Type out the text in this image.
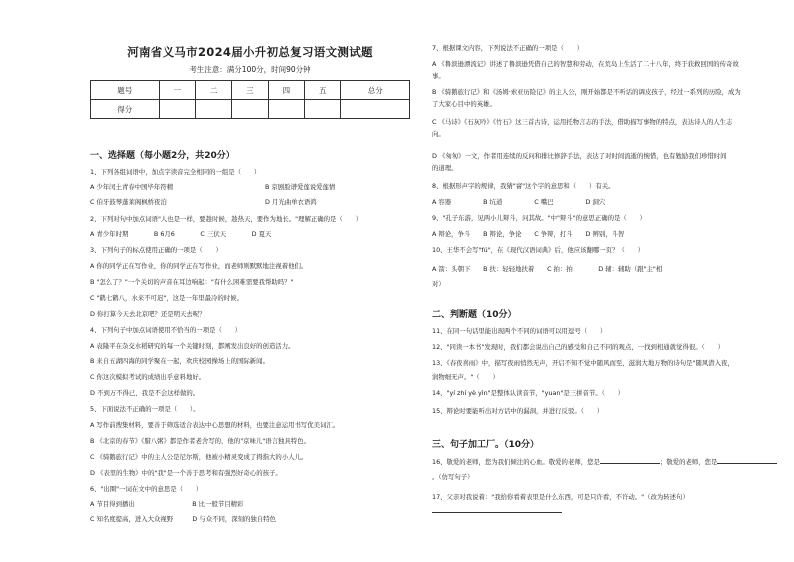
河南省义马市2024届小升初总复习语文测试题
考生注意：满分100分，时间90分钟
题号	一	二	三	四	五	总分
得分						
一、选择题（每小题2分，共20分）
1、下列各组词语中，加点字读音完全相同的一组是（　　）
A 少年闰土青春中国毕年符精	B 京剧脸谱爱莲说爱莲情
C 伯牙鼓琴蓬莱阁枫桥夜泊	D 月光曲单衣语鸿
2、下列对句中加点词语"人也是一样，要趁时候，趁热天，要作为地长。"理解正确的是（　　）
A 青少年时期　　　　B 6月6　　　　C 三伏天　　　　D 夏天
3、下列句子的标点使用正确的一项是（　　）
A 你的同学正在写作业，你的同学正在写作业，而老师则默默地注视着他们。
B "怎么了？"一个关切的声音在耳边响起："有什么困难需要我帮助吗？"
C "鹤七鹤八，水来不可迟"，这是一年里最冷的时候。
D 你打算今天去北京吧？还是明天去呢？
4、下列句子中加点词语使用不恰当的一项是（　　）
A 袁隆平在杂交水稻研究的每一个关键时刻，都阐发出良好的创造活力。
B 来自五湖四海的同学聚在一起，欢庆校园操场上的国际新闻。
C 你这次模拟考试的成绩出乎意料地好。
D 不到万不得已，我是不会这样做的。
5、下面说法不正确的一项是（　　）。
A 写作前搜集材料，要善于筛选适合表达中心思想的材料，也要注意运用书写优美词汇。
B 《北京的春节》《腊八粥》都是作者老舍写的，他的"京味儿"语言独具特色。
C 《骑鹅旅行记》中的主人公是尼尔斯，他被小精灵变成了拇指大的小人儿。
D 《表里的生物》中的"我"是一个善于思考和有强烈好奇心的孩子。
6、"出圈"一词在文中的意思是（　　）
A 节目得到播出　　　　　　　　　B 比一般节目精彩
C 知名度提高，进入大众视野　　　D 与众不同，深刻的独自特色
7、根据课文内容，下列说法不正确的一项是（　　）
A 《鲁滨逊漂流记》讲述了鲁滨逊凭借自己的智慧和劳动，在荒岛上生活了二十八年，终于获救回国的传奇故
事。
B 《骑鹅旅行记》和《汤姆·索亚历险记》的主人公，刚开始都是不听话的调皮孩子，经过一系列的历险，成为
了大家心目中的英雄。
C 《马诗》《石灰吟》《竹石》这三首古诗，运用托物言志的手法，借助描写事物的特点，表达诗人的人生志
向。
D 《匆匆》一文，作者用连续的反问和排比修辞手法，表达了对时间流逝的惋惜，也有勉励我们珍惜时间
的道理。
8、根据形声字的规律，我猜"窨"这个字的意思和（　　）有关。
A 容器　　　　　B 坑道　　　　　C 嘴巴　　　　　D 洞穴
9、"孔子东游，见两小儿辩斗，问其故。"中"辩斗"的意思正确的是（　　）
A 辩论，争斗　　B 辩论，争论　　C 争辩，打斗　　D 辨别，斗智
10、王华不会写"fú"，在《现代汉语词典》后，他应该翻哪一页？（　　）
A 箭：头朝下　　B 扶：轻轻地扶着　　C 拍：拍　　　　D 辅：辅助（跟"主"相
对）
二、判断题（10分）
11、在同一句话里能出现两个不同的词语可以用逗号（　　）
12、"同读一本书"发现时，我们都会说出自己的感受和自己不同的观点，一找到相通就觉得很。（　　）
13、《春夜喜雨》中，描写夜雨悄然无声，开启不知不觉中随风而至，滋润大地万物的诗句是"随风潜入夜，
润物细无声。"（　　）
14、"yí zhí yè yìn"是整体认读音节，"yuan"是三拼音节。（　　）
15、辩论时要能听出对方话中的漏洞，并进行反驳。（　　）
三、句子加工厂。（10分）
16、敬爱的老师，您为我们倾注的心血。敬爱的老师，您是	；敬爱的老师，您是
。（仿写句子）
17、父亲对我说着："我拾你看着表里是什么东西，可是只许看，不许动。"（改为转述句）
